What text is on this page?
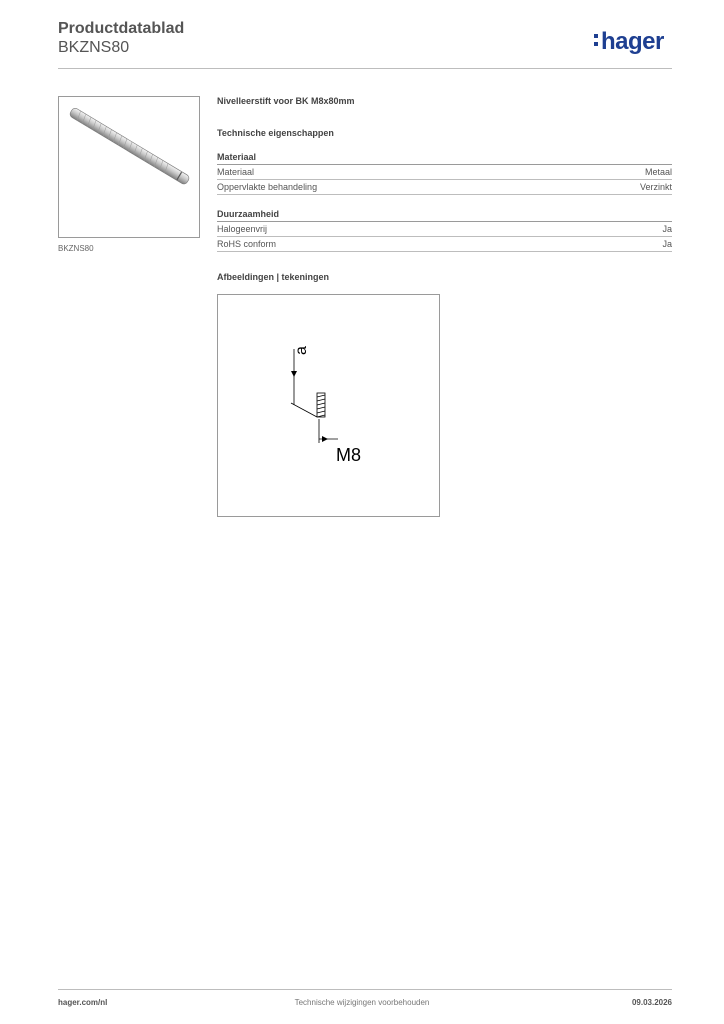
Productdatablad
BKZNS80	hager
BKZNS80
Nivelleerstift voor BK M8x80mm
Technische eigenschappen
Materiaal
Materiaal	Metaal
Oppervlakte behandeling	Verzinkt
Duurzaamheid
Halogeenvrij	Ja
RoHS conform	Ja
Afbeeldingen | tekeningen
a
M8
hager.com/nl	Technische wijzigingen voorbehouden	09.03.2026
